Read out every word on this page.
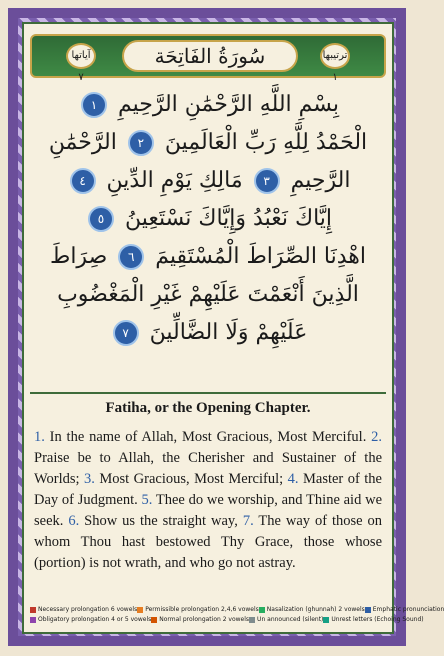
آياتها ٧
سُورَةُ الفَاتِحَة	ترتيبها ١
بِسْمِ اللَّهِ الرَّحْمَٰنِ الرَّحِيمِ ١
الْحَمْدُ لِلَّهِ رَبِّ الْعَالَمِينَ ٢ الرَّحْمَٰنِ
الرَّحِيمِ ٣ مَالِكِ يَوْمِ الدِّينِ ٤
إِيَّاكَ نَعْبُدُ وَإِيَّاكَ نَسْتَعِينُ ٥
اهْدِنَا الصِّرَاطَ الْمُسْتَقِيمَ ٦ صِرَاطَ
الَّذِينَ أَنْعَمْتَ عَلَيْهِمْ غَيْرِ الْمَغْضُوبِ
عَلَيْهِمْ وَلَا الضَّالِّينَ ٧

Fatiha, or the Opening Chapter.

1. In the name of Allah, Most Gracious, Most Merciful. 2. Praise be to Allah, the Cherisher and Sustainer of the Worlds; 3. Most Gracious, Most Merciful; 4. Master of the Day of Judgment. 5. Thee do we worship, and Thine aid we seek. 6. Show us the straight way, 7. The way of those on whom Thou hast bestowed Thy Grace, those whose (portion) is not wrath, and who go not astray.

Necessary prolongation 6 vowels Permissible prolongation 2,4,6 vowels Nasalization (ghunnah) 2 vowels Emphatic pronunciation
Obligatory prolongation 4 or 5 vowels Normal prolongation 2 vowels Un announced (silent) Unrest letters (Echoing Sound)
